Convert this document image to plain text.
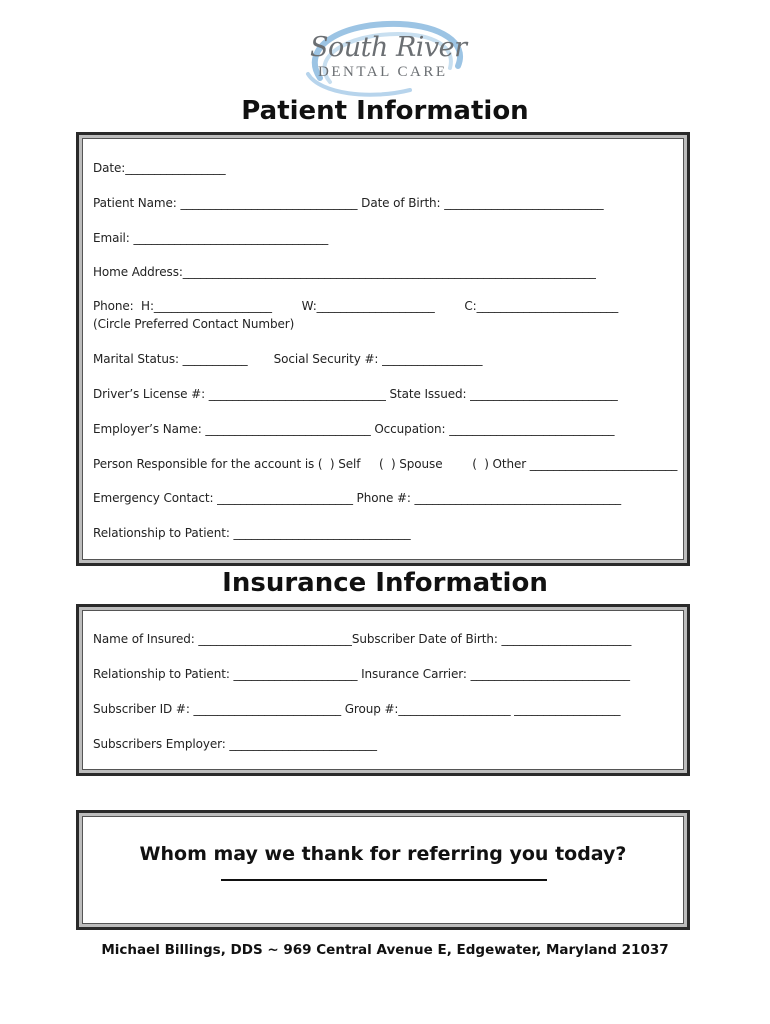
South River
DENTAL CARE
Patient Information
Date:_________________
Patient Name: ______________________________ Date of Birth: ___________________________
Email: _________________________________
Home Address:______________________________________________________________________
Phone:  H:____________________        W:____________________        C:________________________
(Circle Preferred Contact Number)
Marital Status: ___________       Social Security #: _________________
Driver’s License #: ______________________________ State Issued: _________________________
Employer’s Name: ____________________________ Occupation: ____________________________
Person Responsible for the account is (  ) Self     (  ) Spouse        (  ) Other _________________________
Emergency Contact: _______________________ Phone #: ___________________________________
Relationship to Patient: ______________________________
Insurance Information
Name of Insured: __________________________Subscriber Date of Birth: ______________________
Relationship to Patient: _____________________ Insurance Carrier: ___________________________
Subscriber ID #: _________________________ Group #:___________________ __________________
Subscribers Employer: _________________________
Whom may we thank for referring you today?
Michael Billings, DDS ~ 969 Central Avenue E, Edgewater, Maryland 21037
